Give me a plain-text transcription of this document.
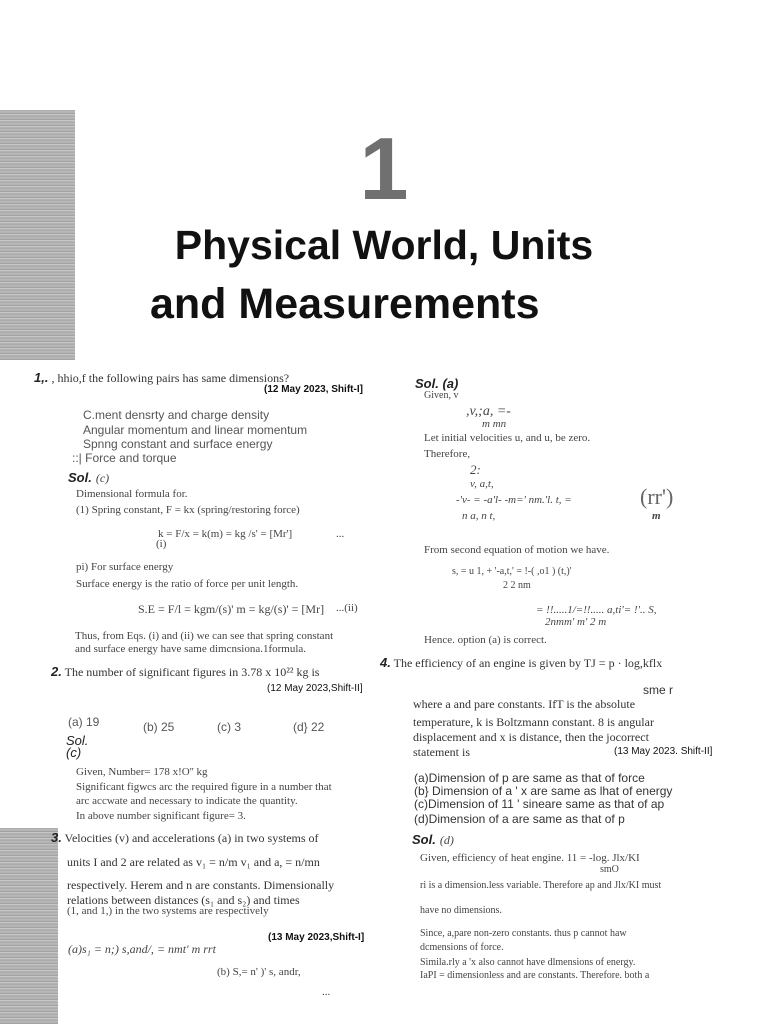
1
Physical World, Units
and Measurements
1,. , hhio,f the following pairs has same dimensions?
(12 May 2023, Shift-I]
C.ment densrty and charge density
Angular momentum and linear momentum
Spnng constant and surface energy
::| Force and torque
Sol. (c)
Dimensional formula for.
(1) Spring constant, F = kx (spring/restoring force)
k = F/x = k(m) = kg /s' = [Mr']
(i)
...
pi) For surface energy
Surface energy is the ratio of force per unit length.
S.E = F/l = kgm/(s)' m = kg/(s)' = [Mr] ...(ii)
Thus, from Eqs. (i) and (ii) we can see that spring constant
and surface energy have same dimcnsiona.1formula.
2. The number of significant figures in 3.78 x 10²² kg is
(12 May 2023,Shift-II]
(a) 19	(b) 25	(c) 3	(d} 22
Sol.
(c)
Given, Number= 178 x!O'' kg
Significant figwcs arc the required figure in a number that
arc accwate and necessary to indicate the quantity.
In above number significant figure= 3.
3. Velocities (v) and accelerations (a) in two systems of
units I and 2 are related as v₁ = n/m v₁ and a, = n/mn
respectively. Herem and n are constants. Dimensionally
relations between distances (s₁ and s₂) and times
(1, and 1,) in the two systems are respectively
(13 May 2023,Shift-I]
(a)s₁ = n;) s,and/, = nmt' m rrt
(b) S,= n' )' s, andr,
...
Sol. (a)
Given, v
,v,;a, =-
m mn
Let initial velocities u, and u, be zero.
Therefore,
2:
v, a,t,
-'v- = -a'l- -m=' nm.'l. t, =
n a, n t,
(rr')
m
From second equation of motion we have.
s, = u 1, + '-a,t,' = !-( ,o1 ) (t,)'
2 2 nm
= !!.....1/=!!..... a,ti'= !'.. S,
2nmm' m' 2 m
Hence. option (a) is correct.
4. The efficiency of an engine is given by TJ = p · log,kflx
sme r
where a and pare constants. IfT is the absolute
temperature, k is Boltzmann constant. 8 is angular
displacement and x is distance, then the jocorrect
statement is	(13 May 2023. Shift-II]
(a)Dimension of p are same as that of force
(b} Dimension of a ' x are same as lhat of energy
(c)Dimension of 11 ' sineare same as that of ap
(d)Dimension of a are same as that of p
Sol. (d)
Given, efficiency of heat engine. 11 = -log. Jlx/KI
smO
ri is a dimension.less variable. Therefore ap and Jlx/KI must
have no dimensions.
Since, a,pare non-zero constants. thus p cannot haw
dcmensions of force.
Simila.rly a 'x also cannot have dlmensions of energy.
IaPI = dimensionless and are constants. Therefore. both a
